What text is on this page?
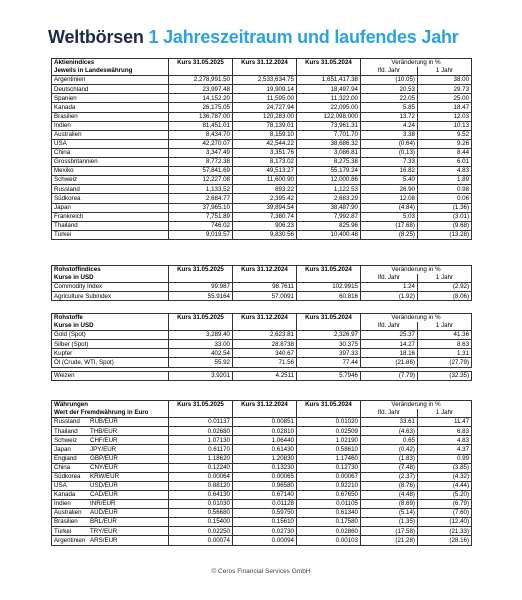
Weltbörsen 1 Jahreszeitraum und laufendes Jahr
Aktienindices	Kurs 31.05.2025	Kurs 31.12.2024	Kurs 31.05.2024	Veränderung in %	
Jeweils in Landeswährung				lfd. Jahr	1 Jahr
Argentinien	2,278,991.50	2,533,634.75	1,651,417.38	(10.05)	38.00
Deutschland	23,997.48	19,909.14	18,497.94	20.53	29.73
Spanien	14,152.20	11,595.00	11,322.00	22.05	25.00
Kanada	26,175.05	24,727.94	22,095.00	5.85	18.47
Brasilien	136,787.00	120,283.00	122,098.000	13.72	12.03
Indien	81,451.01	78,139.01	73,961.31	4.24	10.13
Australien	8,434.70	8,159.10	7,701.70	3.38	9.52
USA	42,270.07	42,544.22	38,686.32	(0.64)	9.26
China	3,347.49	3,351.76	3,086.81	(0.13)	8.44
Grossbritannien	8,772.38	8,173.02	8,275.38	7.33	6.01
Mexiko	57,841.69	49,513.27	55,179.24	16.82	4.83
Schweiz	12,227.08	11,600.90	12,000.86	5.40	1.89
Russland	1,133.52	893.22	1,122.53	26.90	0.98
Südkorea	2,684.77	2,395.42	2,683.29	12.08	0.06
Japan	37,965.10	39,894.54	38,487.90	(4.84)	(1.36)
Frankreich	7,751.89	7,380.74	7,992.87	5.03	(3.01)
Thailand	746.02	906.23	825.96	(17.68)	(9.68)
Türkei	9,019.57	9,830.56	10,400.48	(8.25)	(13.28)
Rohstoffindices	Kurs 31.05.2025	Kurs 31.12.2024	Kurs 31.05.2024	Veränderung in %	
Kurse in USD				lfd. Jahr	1 Jahr
Commodity Index	99.987	98.7611	102.9915	1.24	(2.92)
Agriculture Subindex	55.9164	57.0091	60.816	(1.92)	(8.06)
Rohstoffe	Kurs 31.05.2025	Kurs 31.12.2024	Kurs 31.05.2024	Veränderung in %	
Kurse in USD				lfd. Jahr	1 Jahr
Gold (Spot)	3,289.40	2,623.81	2,326.97	25.37	41.36
Silber (Spot)	33.00	28.8738	30.375	14.27	8.63
Kupfer	402.54	340.67	397.33	18.16	1.31
Öl (Crude, WTI, Spot)	55.92	71.56	77.44	(21.86)	(27.79)

Weizen	3.9201	4.2511	5.7946	(7.79)	(32.35)
Währungen	Kurs 31.05.2025	Kurs 31.12.2024	Kurs 31.05.2024	Veränderung in %	
Wert der Fremdwährung in Euro				lfd. Jahr	1 Jahr
Russland RUB/EUR	0.01137	0.00851	0.01020	33.61	11.47
Thailand THB/EUR	0.02680	0.02810	0.02509	(4.63)	6.83
Schweiz CHF/EUR	1.07130	1.06440	1.02190	0.65	4.83
Japan JPY/EUR	0.61170	0.61430	0.58610	(0.42)	4.37
England GBP/EUR	1.18620	1.20830	1.17460	(1.83)	0.99
China CNY/EUR	0.12240	0.13230	0.12730	(7.48)	(3.85)
Südkorea KRW/EUR	0.00064	0.00065	0.00067	(2.37)	(4.32)
USA USD/EUR	0.88120	0.96580	0.92210	(8.76)	(4.44)
Kanada CAD/EUR	0.64130	0.67140	0.67650	(4.48)	(5.20)
Indien INR/EUR	0.01030	0.01128	0.01105	(8.69)	(6.79)
Australien AUD/EUR	0.56680	0.59750	0.61340	(5.14)	(7.60)
Brasilien BRL/EUR	0.15400	0.15610	0.17580	(1.35)	(12.40)
Türkei TRY/EUR	0.02250	0.02730	0.02860	(17.58)	(21.33)
Argentinien ARS/EUR	0.00074	0.00094	0.00103	(21.28)	(28.16)
© Ceros Financial Services GmbH
